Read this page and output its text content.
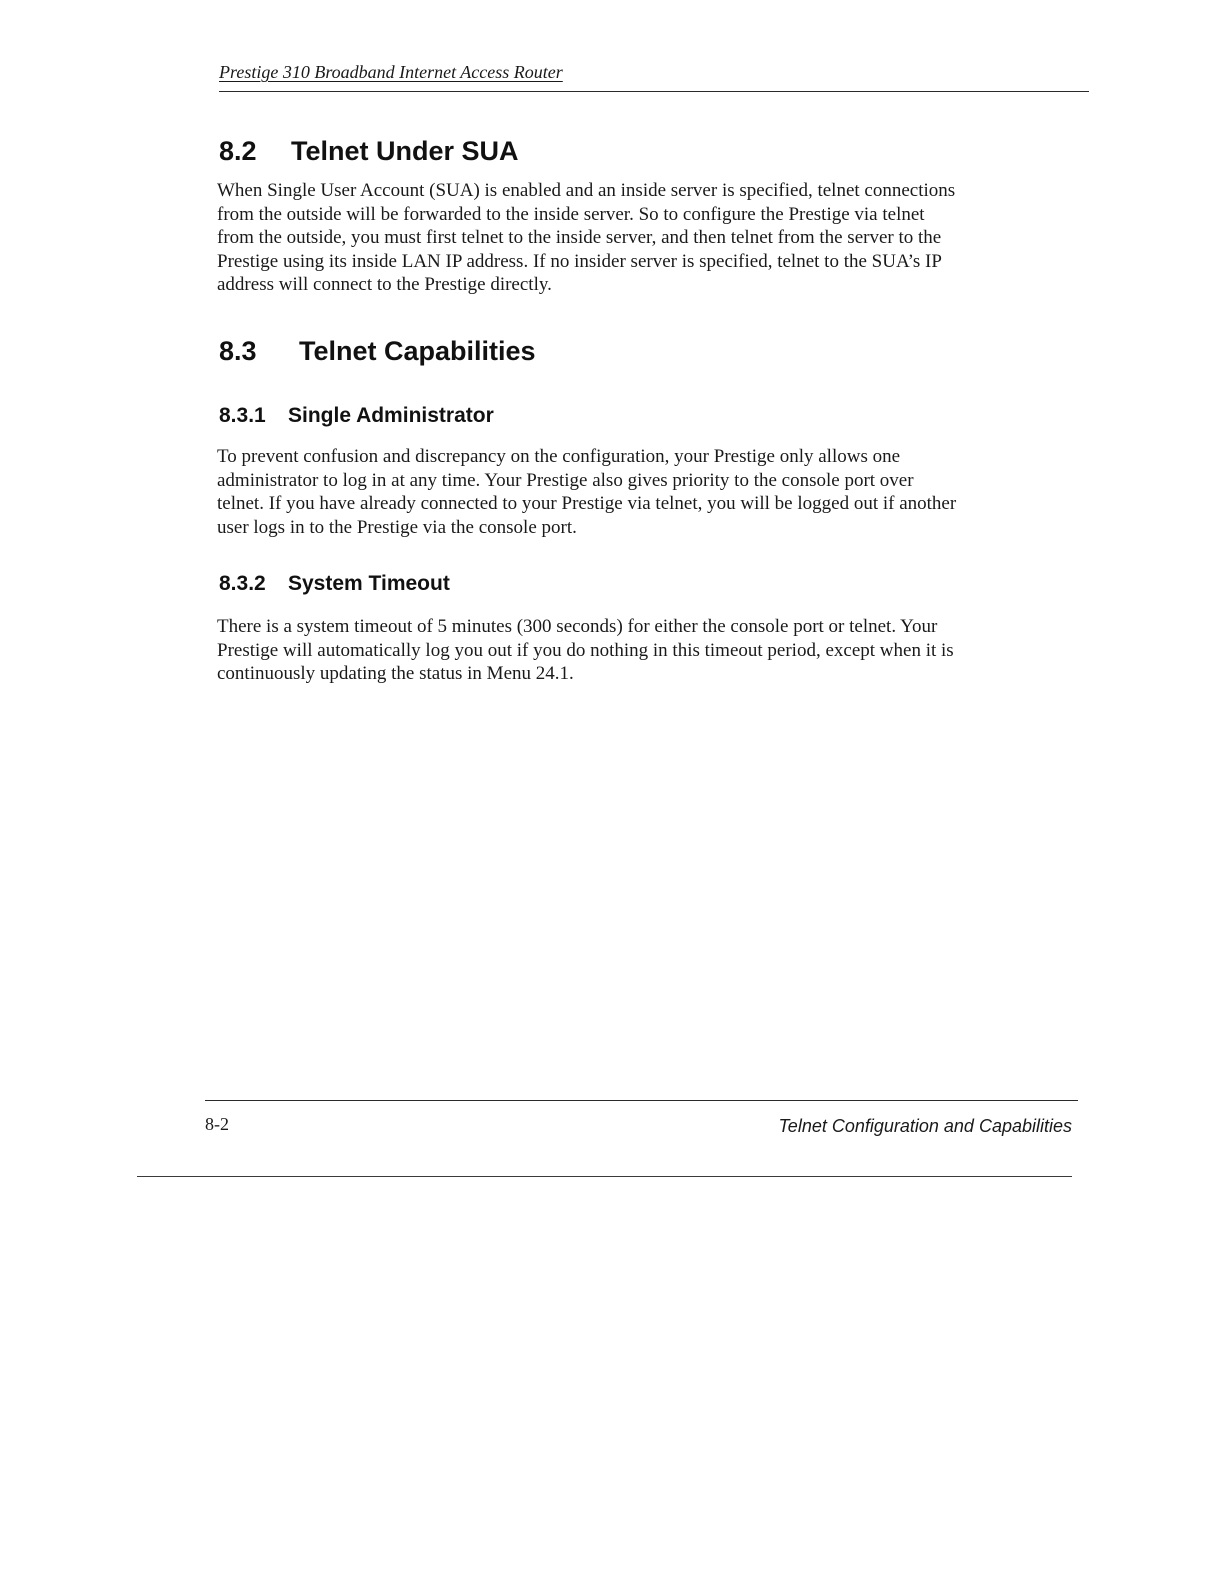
Prestige 310 Broadband Internet Access Router
8.2 Telnet Under SUA
When Single User Account (SUA) is enabled and an inside server is specified, telnet connections
from the outside will be forwarded to the inside server. So to configure the Prestige via telnet
from the outside, you must first telnet to the inside server, and then telnet from the server to the
Prestige using its inside LAN IP address. If no insider server is specified, telnet to the SUA’s IP
address will connect to the Prestige directly.
8.3 Telnet Capabilities
8.3.1 Single Administrator
To prevent confusion and discrepancy on the configuration, your Prestige only allows one
administrator to log in at any time. Your Prestige also gives priority to the console port over
telnet. If you have already connected to your Prestige via telnet, you will be logged out if another
user logs in to the Prestige via the console port.
8.3.2 System Timeout
There is a system timeout of 5 minutes (300 seconds) for either the console port or telnet. Your
Prestige will automatically log you out if you do nothing in this timeout period, except when it is
continuously updating the status in Menu 24.1.
8-2	Telnet Configuration and Capabilities
